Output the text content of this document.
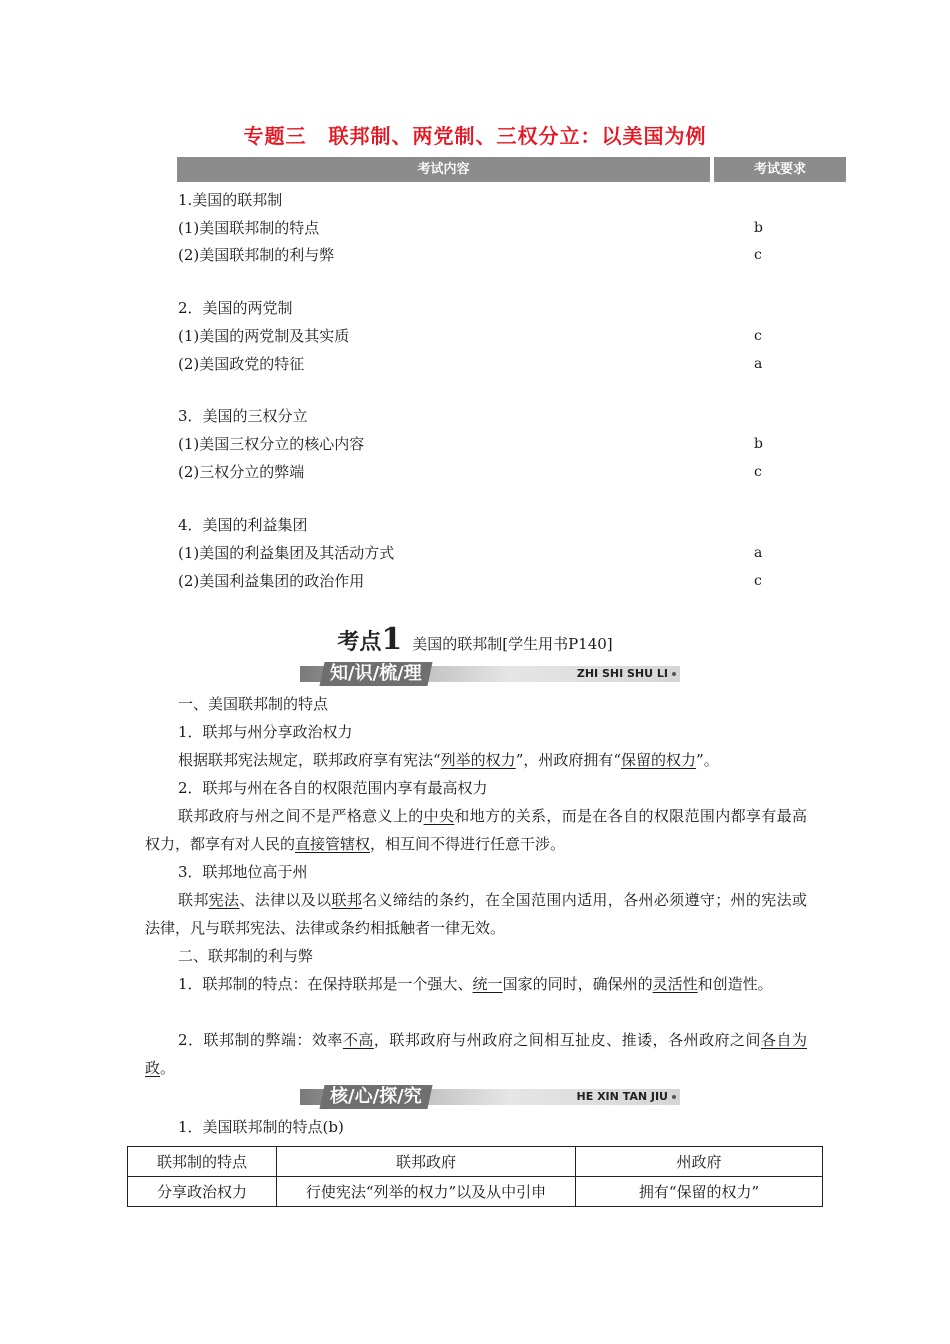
专题三 联邦制、两党制、三权分立：以美国为例
考试内容	考试要求
1.美国的联邦制
(1)美国联邦制的特点	b
(2)美国联邦制的利与弊	c
2．美国的两党制
(1)美国的两党制及其实质	c
(2)美国政党的特征	a
3．美国的三权分立
(1)美国三权分立的核心内容	b
(2)三权分立的弊端	c
4．美国的利益集团
(1)美国的利益集团及其活动方式	a
(2)美国利益集团的政治作用	c
考点1 美国的联邦制[学生用书P140]
知/识/梳/理	ZHI SHI SHU LI
一、美国联邦制的特点
1．联邦与州分享政治权力
根据联邦宪法规定，联邦政府享有宪法“列举的权力”，州政府拥有“保留的权力”。
2．联邦与州在各自的权限范围内享有最高权力
联邦政府与州之间不是严格意义上的中央和地方的关系，而是在各自的权限范围内都享有最高权力，都享有对人民的直接管辖权，相互间不得进行任意干涉。
3．联邦地位高于州
联邦宪法、法律以及以联邦名义缔结的条约，在全国范围内适用，各州必须遵守；州的宪法或法律，凡与联邦宪法、法律或条约相抵触者一律无效。
二、联邦制的利与弊
1．联邦制的特点：在保持联邦是一个强大、统一国家的同时，确保州的灵活性和创造性。
2．联邦制的弊端：效率不高，联邦政府与州政府之间相互扯皮、推诿，各州政府之间各自为政。
核/心/探/究	HE XIN TAN JIU
1．美国联邦制的特点(b)
联邦制的特点	联邦政府	州政府
分享政治权力	行使宪法“列举的权力”以及从中引申	拥有“保留的权力”
